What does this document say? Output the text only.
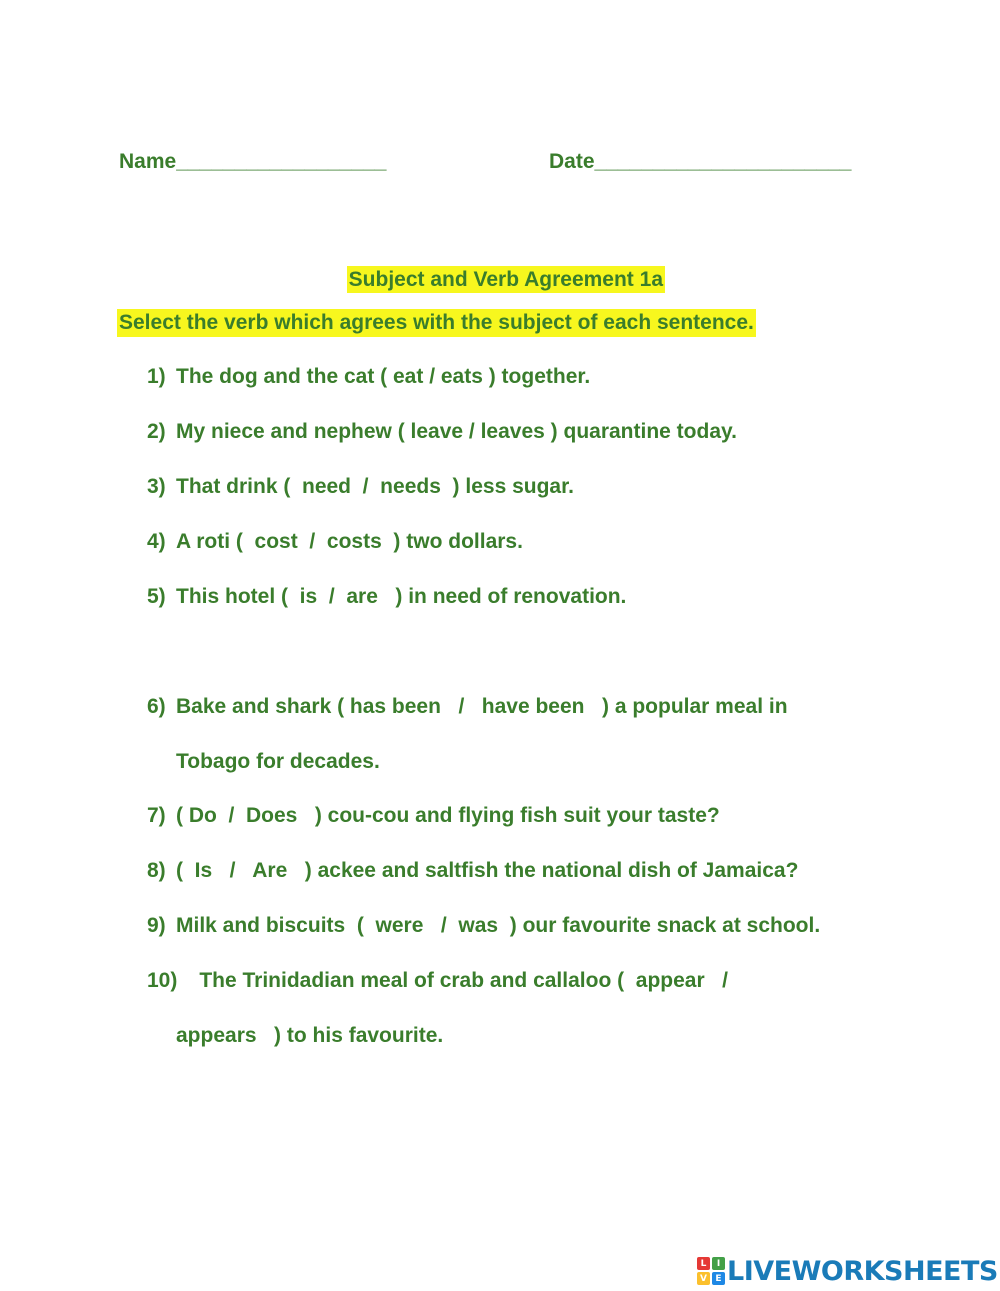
Name__________________	Date______________________

Subject and Verb Agreement 1a

Select the verb which agrees with the subject of each sentence.
1) The dog and the cat ( eat / eats ) together.
2) My niece and nephew ( leave / leaves ) quarantine today.
3) That drink (  need  /  needs  ) less sugar.
4) A roti (  cost  /  costs  ) two dollars.
5) This hotel (  is  /  are   ) in need of renovation.
6) Bake and shark ( has been   /   have been   ) a popular meal in
Tobago for decades.
7) ( Do  /  Does   ) cou-cou and flying fish suit your taste?
8) (  Is   /   Are   ) ackee and saltfish the national dish of Jamaica?
9) Milk and biscuits  (  were   /  was  ) our favourite snack at school.
10)
The Trinidadian meal of crab and callaloo (  appear   /
appears   ) to his favourite.
L	I
V E LIVEWORKSHEETS
